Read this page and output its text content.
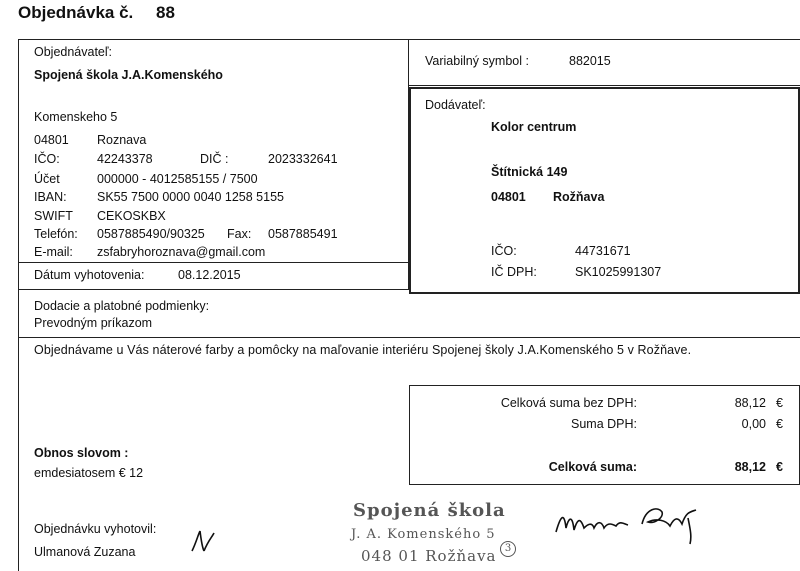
Objednávka č. 88
Objednávateľ:
Spojená škola J.A.Komenského
Komenskeho 5
04801 Roznava
IČO:	42243378	DIČ :	2023332641
Účet	000000 - 4012585155 / 7500
IBAN: SK55 7500 0000 0040 1258 5155
SWIFT CEKOSKBX
Telefón: 0587885490/90325 Fax: 0587885491
E-mail: zsfabryhoroznava@gmail.com
Dátum vyhotovenia:	08.12.2015
Variabilný symbol :	882015
Dodávateľ:
Kolor centrum
Štítnická 149
04801 Rožňava
IČO:	44731671
IČ DPH:	SK1025991307
Dodacie a platobné podmienky:
Prevodným príkazom
Objednávame u Vás náterové farby a pomôcky na maľovanie interiéru Spojenej školy J.A.Komenského 5 v Rožňave.
Celková suma bez DPH:	88,12 €
Suma DPH:	0,00 €
Celková suma:	88,12 €
Obnos slovom :
emdesiatosem € 12
Objednávku vyhotovil:
Ulmanová Zuzana
Spojená škola
J. A. Komenského 5
048 01 Rožňava 3
